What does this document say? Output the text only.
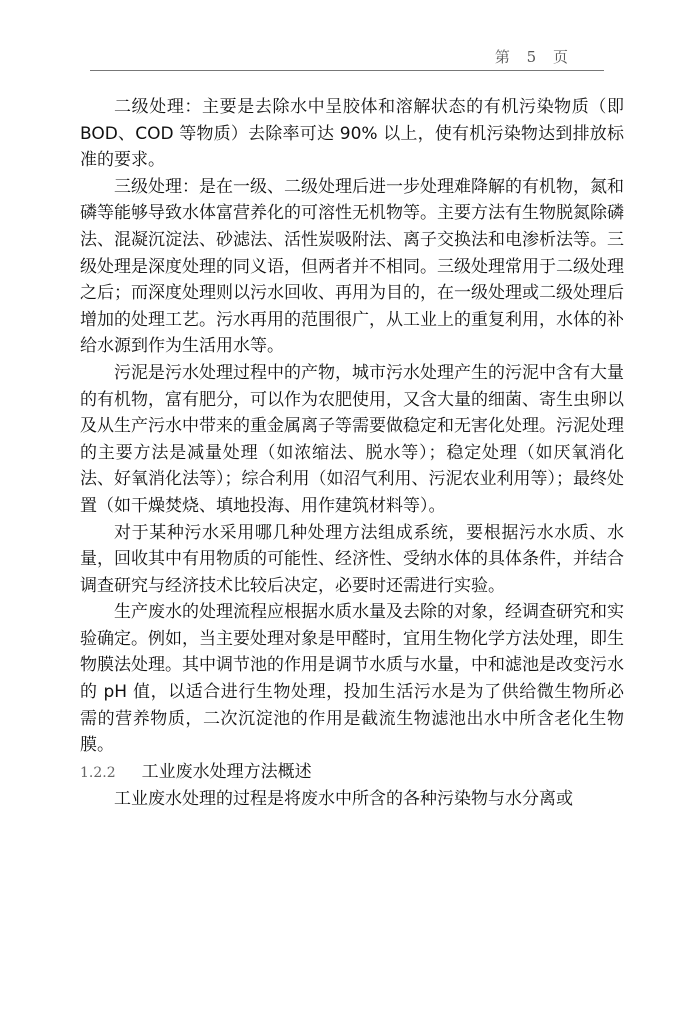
第 5 页

二级处理：主要是去除水中呈胶体和溶解状态的有机污染物质（即 BOD、COD 等物质）去除率可达 90% 以上，使有机污染物达到排放标准的要求。

三级处理：是在一级、二级处理后进一步处理难降解的有机物，氮和磷等能够导致水体富营养化的可溶性无机物等。主要方法有生物脱氮除磷法、混凝沉淀法、砂滤法、活性炭吸附法、离子交换法和电渗析法等。三级处理是深度处理的同义语，但两者并不相同。三级处理常用于二级处理之后；而深度处理则以污水回收、再用为目的，在一级处理或二级处理后增加的处理工艺。污水再用的范围很广，从工业上的重复利用，水体的补给水源到作为生活用水等。

污泥是污水处理过程中的产物，城市污水处理产生的污泥中含有大量的有机物，富有肥分，可以作为农肥使用，又含大量的细菌、寄生虫卵以及从生产污水中带来的重金属离子等需要做稳定和无害化处理。污泥处理的主要方法是减量处理（如浓缩法、脱水等）；稳定处理（如厌氧消化法、好氧消化法等）；综合利用（如沼气利用、污泥农业利用等）；最终处置（如干燥焚烧、填地投海、用作建筑材料等）。

对于某种污水采用哪几种处理方法组成系统，要根据污水水质、水量，回收其中有用物质的可能性、经济性、受纳水体的具体条件，并结合调查研究与经济技术比较后决定，必要时还需进行实验。

生产废水的处理流程应根据水质水量及去除的对象，经调查研究和实验确定。例如，当主要处理对象是甲醛时，宜用生物化学方法处理，即生物膜法处理。其中调节池的作用是调节水质与水量，中和滤池是改变污水的 pH 值，以适合进行生物处理，投加生活污水是为了供给微生物所必需的营养物质，二次沉淀池的作用是截流生物滤池出水中所含老化生物膜。

1.2.2 工业废水处理方法概述

工业废水处理的过程是将废水中所含的各种污染物与水分离或
